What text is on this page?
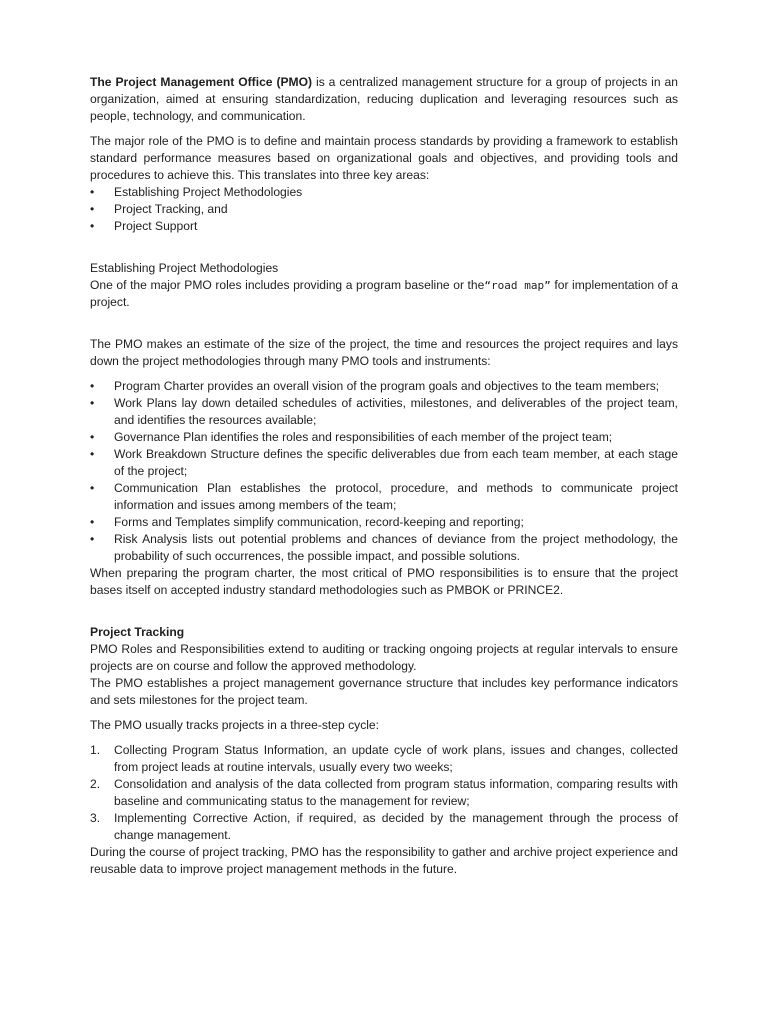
The Project Management Office (PMO) is a centralized management structure for a group of projects in an organization, aimed at ensuring standardization, reducing duplication and leveraging resources such as people, technology, and communication.

The major role of the PMO is to define and maintain process standards by providing a framework to establish standard performance measures based on organizational goals and objectives, and providing tools and procedures to achieve this. This translates into three key areas:

•	Establishing Project Methodologies
•	Project Tracking, and
•	Project Support

Establishing Project Methodologies

One of the major PMO roles includes providing a program baseline or the“road map” for implementation of a project.

The PMO makes an estimate of the size of the project, the time and resources the project requires and lays down the project methodologies through many PMO tools and instruments:

•	Program Charter provides an overall vision of the program goals and objectives to the team members;
•	Work Plans lay down detailed schedules of activities, milestones, and deliverables of the project team, and identifies the resources available;
•	Governance Plan identifies the roles and responsibilities of each member of the project team;
•	Work Breakdown Structure defines the specific deliverables due from each team member, at each stage of the project;
•	Communication Plan establishes the protocol, procedure, and methods to communicate project information and issues among members of the team;
•	Forms and Templates simplify communication, record-keeping and reporting;
•	Risk Analysis lists out potential problems and chances of deviance from the project methodology, the probability of such occurrences, the possible impact, and possible solutions.

When preparing the program charter, the most critical of PMO responsibilities is to ensure that the project bases itself on accepted industry standard methodologies such as PMBOK or PRINCE2.

Project Tracking

PMO Roles and Responsibilities extend to auditing or tracking ongoing projects at regular intervals to ensure projects are on course and follow the approved methodology.

The PMO establishes a project management governance structure that includes key performance indicators and sets milestones for the project team.

The PMO usually tracks projects in a three-step cycle:

1.	Collecting Program Status Information, an update cycle of work plans, issues and changes, collected from project leads at routine intervals, usually every two weeks;
2.	Consolidation and analysis of the data collected from program status information, comparing results with baseline and communicating status to the management for review;
3.	Implementing Corrective Action, if required, as decided by the management through the process of change management.

During the course of project tracking, PMO has the responsibility to gather and archive project experience and reusable data to improve project management methods in the future.
